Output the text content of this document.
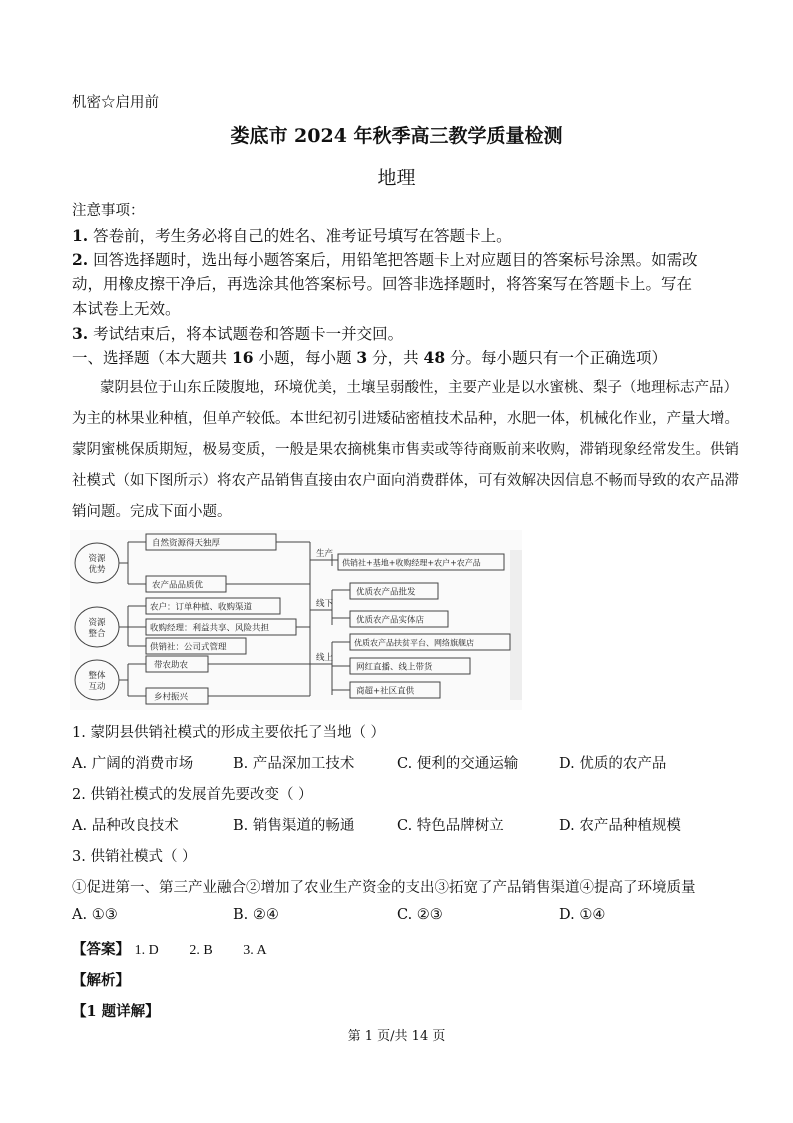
机密☆启用前
娄底市 2024 年秋季高三教学质量检测
地理
注意事项：
1. 答卷前，考生务必将自己的姓名、准考证号填写在答题卡上。
2. 回答选择题时，选出每小题答案后，用铅笔把答题卡上对应题目的答案标号涂黑。如需改
动，用橡皮擦干净后，再选涂其他答案标号。回答非选择题时，将答案写在答题卡上。写在
本试卷上无效。
3. 考试结束后，将本试题卷和答题卡一并交回。
一、选择题（本大题共 16 小题，每小题 3 分，共 48 分。每小题只有一个正确选项）
蒙阴县位于山东丘陵腹地，环境优美，土壤呈弱酸性，主要产业是以水蜜桃、梨子（地理标志产品）
为主的林果业种植，但单产较低。本世纪初引进矮砧密植技术品种，水肥一体，机械化作业，产量大增。
蒙阴蜜桃保质期短，极易变质，一般是果农摘桃集市售卖或等待商贩前来收购，滞销现象经常发生。供销
社模式（如下图所示）将农产品销售直接由农户面向消费群体，可有效解决因信息不畅而导致的农产品滞
销问题。完成下面小题。
资源
优势
资源
整合
整体
互动
自然资源得天独厚
农产品品质优
农户：订单种植、收购渠道
收购经理：利益共享、风险共担
供销社：公司式管理
带农助农
乡村振兴
生产
线下
线上
供销社+基地+收购经理+农户+农产品
优质农产品批发
优质农产品实体店
优质农产品扶贫平台、网络旗舰店
网红直播、线上带货
商超+社区直供
1. 蒙阴县供销社模式的形成主要依托了当地（ ）
A. 广阔的消费市场	B. 产品深加工技术	C. 便利的交通运输	D. 优质的农产品
2. 供销社模式的发展首先要改变（ ）
A. 品种改良技术	B. 销售渠道的畅通	C. 特色品牌树立	D. 农产品种植规模
3. 供销社模式（ ）
①促进第一、第三产业融合②增加了农业生产资金的支出③拓宽了产品销售渠道④提高了环境质量
A. ①③	B. ②④	C. ②③	D. ①④
【答案】 1. D 2. B 3. A
【解析】
【1 题详解】
第 1 页/共 14 页
